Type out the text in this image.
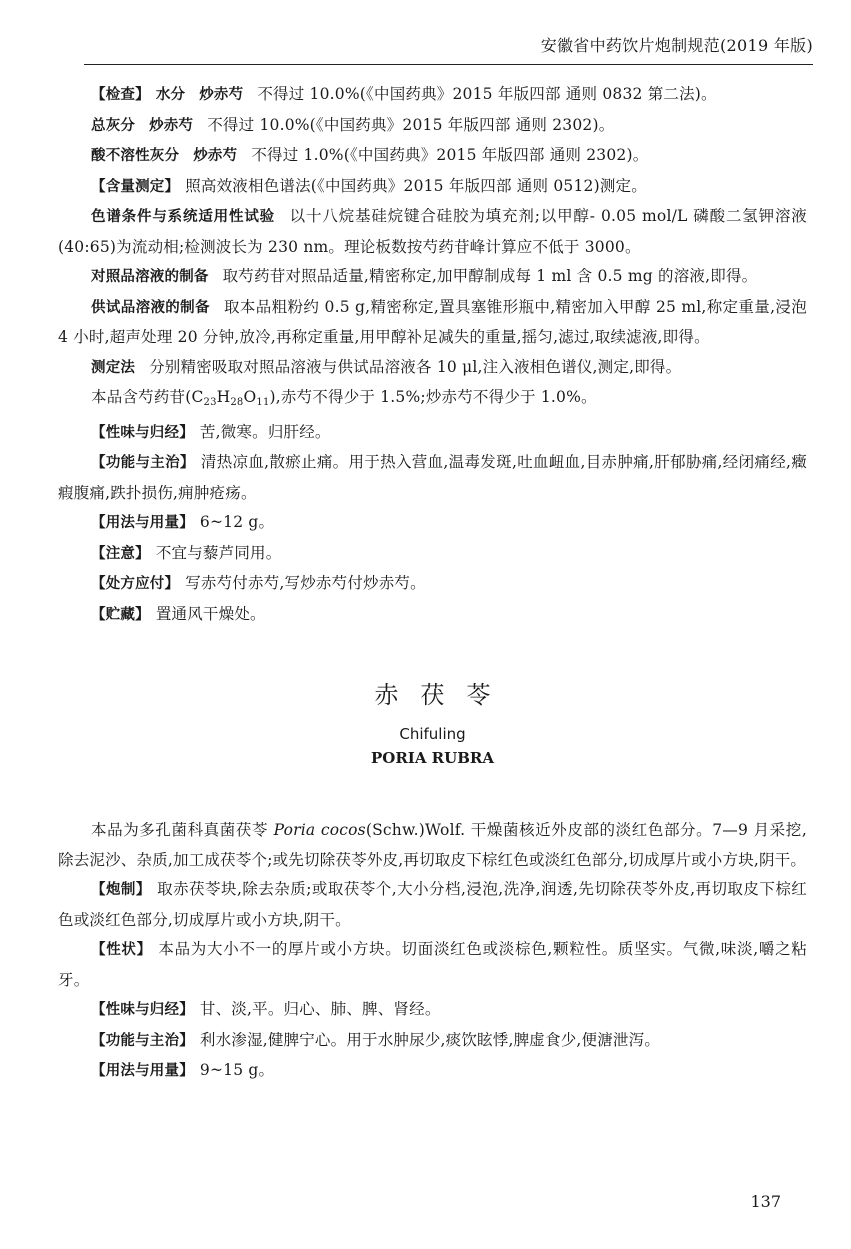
安徽省中药饮片炮制规范(2019 年版)

【检查】 水分 炒赤芍 不得过 10.0%(《中国药典》2015 年版四部 通则 0832 第二法)。

总灰分 炒赤芍 不得过 10.0%(《中国药典》2015 年版四部 通则 2302)。

酸不溶性灰分 炒赤芍 不得过 1.0%(《中国药典》2015 年版四部 通则 2302)。

【含量测定】 照高效液相色谱法(《中国药典》2015 年版四部 通则 0512)测定。

色谱条件与系统适用性试验 以十八烷基硅烷键合硅胶为填充剂;以甲醇- 0.05 mol/L 磷酸二氢钾溶液(40:65)为流动相;检测波长为 230 nm。理论板数按芍药苷峰计算应不低于 3000。

对照品溶液的制备 取芍药苷对照品适量,精密称定,加甲醇制成每 1 ml 含 0.5 mg 的溶液,即得。

供试品溶液的制备 取本品粗粉约 0.5 g,精密称定,置具塞锥形瓶中,精密加入甲醇 25 ml,称定重量,浸泡 4 小时,超声处理 20 分钟,放冷,再称定重量,用甲醇补足减失的重量,摇匀,滤过,取续滤液,即得。

测定法 分别精密吸取对照品溶液与供试品溶液各 10 μl,注入液相色谱仪,测定,即得。

本品含芍药苷$(C_{23}H_{28}O_{11})$,赤芍不得少于 1.5%;炒赤芍不得少于 1.0%。

【性味与归经】 苦,微寒。归肝经。

【功能与主治】 清热凉血,散瘀止痛。用于热入营血,温毒发斑,吐血衄血,目赤肿痛,肝郁胁痛,经闭痛经,癥瘕腹痛,跌扑损伤,痈肿疮疡。

【用法与用量】 6~12 g。

【注意】 不宜与藜芦同用。

【处方应付】 写赤芍付赤芍,写炒赤芍付炒赤芍。

【贮藏】 置通风干燥处。

赤茯苓
Chifuling
PORIA RUBRA

本品为多孔菌科真菌茯苓 Poria cocos(Schw.)Wolf. 干燥菌核近外皮部的淡红色部分。7—9 月采挖,除去泥沙、杂质,加工成茯苓个;或先切除茯苓外皮,再切取皮下棕红色或淡红色部分,切成厚片或小方块,阴干。

【炮制】 取赤茯苓块,除去杂质;或取茯苓个,大小分档,浸泡,洗净,润透,先切除茯苓外皮,再切取皮下棕红色或淡红色部分,切成厚片或小方块,阴干。

【性状】 本品为大小不一的厚片或小方块。切面淡红色或淡棕色,颗粒性。质坚实。气微,味淡,嚼之粘牙。

【性味与归经】 甘、淡,平。归心、肺、脾、肾经。

【功能与主治】 利水渗湿,健脾宁心。用于水肿尿少,痰饮眩悸,脾虚食少,便溏泄泻。

【用法与用量】 9~15 g。

137
